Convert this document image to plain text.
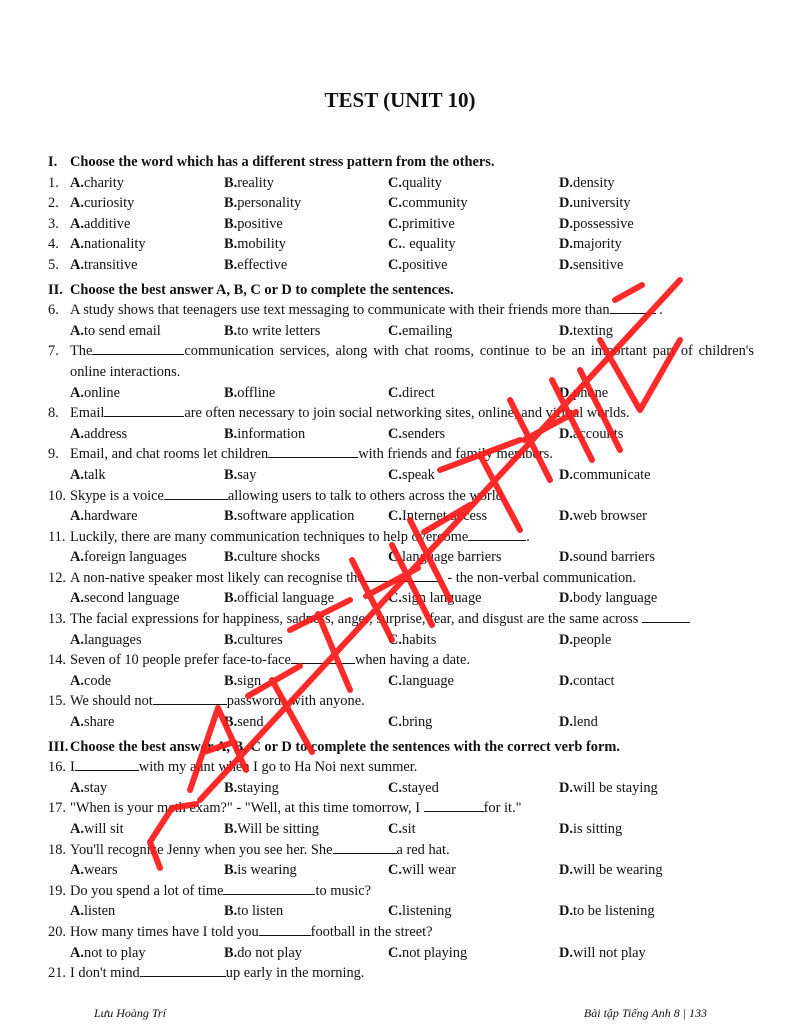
TEST (UNIT 10)
I. Choose the word which has a different stress pattern from the others.
1. A.charity	B.reality	C.quality	D.density
2. A.curiosity	B.personality	C.community	D.university
3. A.additive	B.positive	C.primitive	D.possessive
4. A.nationality	B.mobility	C.. equality	D.majority
5. A.transitive	B.effective	C.positive	D.sensitive
II. Choose the best answer A, B, C or D to complete the sentences.
6. A study shows that teenagers use text messaging to communicate with their friends more than	.
A.to send email	B.to write letters	C.emailing	D.texting
7. The	communication services, along with chat rooms, continue to be an important part of children's online interactions.
A.online	B.offline	C.direct	D.phone
8. Email	are often necessary to join social networking sites, online, and virtual worlds.
A.address	B.information	C.senders	D.accounts
9. Email, and chat rooms let children	with friends and family members.
A.talk	B.say	C.speak	D.communicate
10. Skype is a voice	allowing users to talk to others across the world.
A.hardware	B.software application	C.Internet access	D.web browser
11. Luckily, there are many communication techniques to help overcome	.
A.foreign languages	B.culture shocks	C.language barriers	D.sound barriers
12. A non-native speaker most likely can recognise the	- the non-verbal communication.
A.second language	B.official language	C.sign language	D.body language
13. The facial expressions for happiness, sadness, anger, surprise, fear, and disgust are the same across
A.languages	B.cultures	C.habits	D.people
14. Seven of 10 people prefer face-to-face	when having a date.
A.code	B.sign	C.language	D.contact
15. We should not	passwords with anyone.
A.share	B.send	C.bring	D.lend
III. Choose the best answer A, B, C or D to complete the sentences with the correct verb form.
16. I	with my aunt when I go to Ha Noi next summer.
A.stay	B.staying	C.stayed	D.will be staying
17. "When is your math exam?" - "Well, at this time tomorrow, I	for it."
A.will sit	B.Will be sitting	C.sit	D.is sitting
18. You'll recognize Jenny when you see her. She	a red hat.
A.wears	B.is wearing	C.will wear	D.will be wearing
19. Do you spend a lot of time	to music?
A.listen	B.to listen	C.listening	D.to be listening
20. How many times have I told you	football in the street?
A.not to play	B.do not play	C.not playing	D.will not play
21. I don't mind	up early in the morning.
Lưu Hoàng Trí	Bài tập Tiếng Anh 8 | 133
